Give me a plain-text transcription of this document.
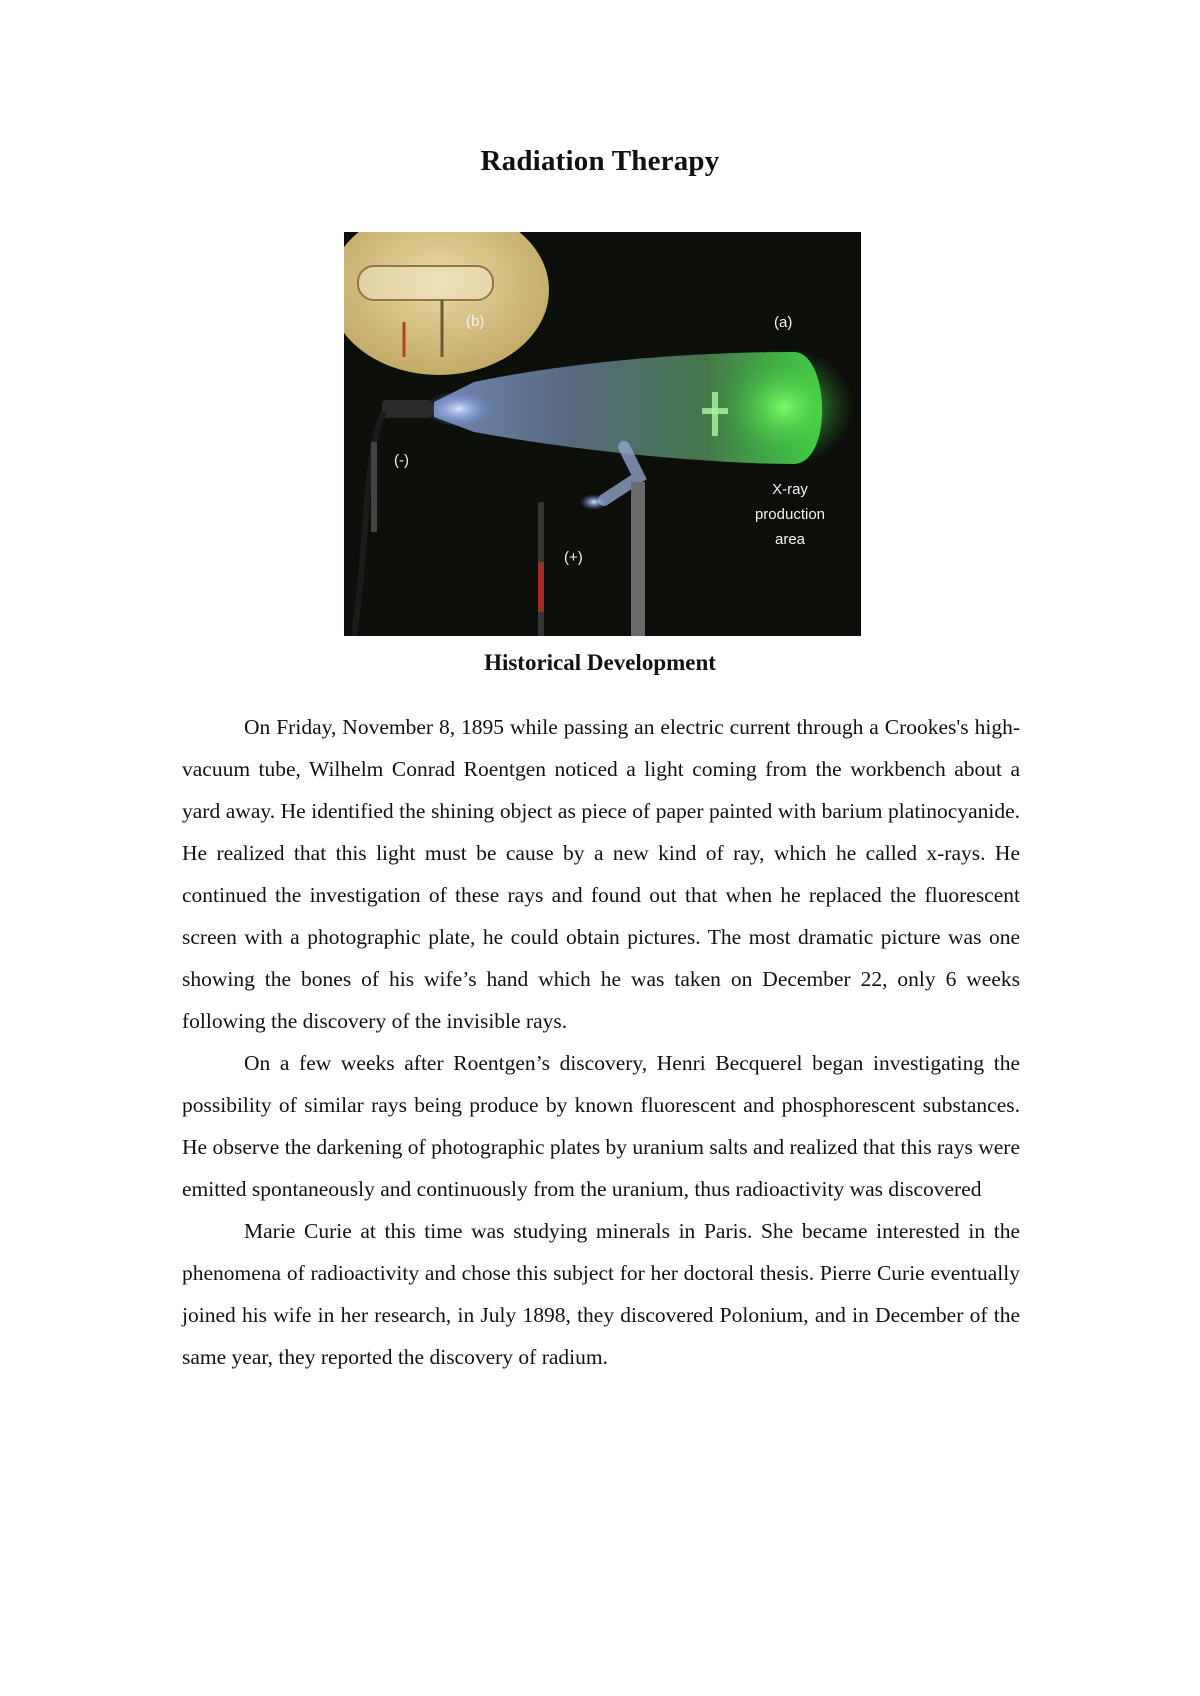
Radiation Therapy
(a)
(b)
(-)
(+)
X-ray
production
area
Historical Development

On Friday, November 8, 1895 while passing an electric current through a Crookes's high-vacuum tube, Wilhelm Conrad Roentgen noticed a light coming from the workbench about a yard away. He identified the shining object as piece of paper painted with barium platinocyanide. He realized that this light must be cause by a new kind of ray, which he called x-rays. He continued the investigation of these rays and found out that when he replaced the fluorescent screen with a photographic plate, he could obtain pictures. The most dramatic picture was one showing the bones of his wife’s hand which he was taken on December 22, only 6 weeks following the discovery of the invisible rays.

On a few weeks after Roentgen’s discovery, Henri Becquerel began investigating the possibility of similar rays being produce by known fluorescent and phosphorescent substances. He observe the darkening of photographic plates by uranium salts and realized that this rays were emitted spontaneously and continuously from the uranium, thus radioactivity was discovered

Marie Curie at this time was studying minerals in Paris. She became interested in the phenomena of radioactivity and chose this subject for her doctoral thesis. Pierre Curie eventually joined his wife in her research, in July 1898, they discovered Polonium, and in December of the same year, they reported the discovery of radium.
